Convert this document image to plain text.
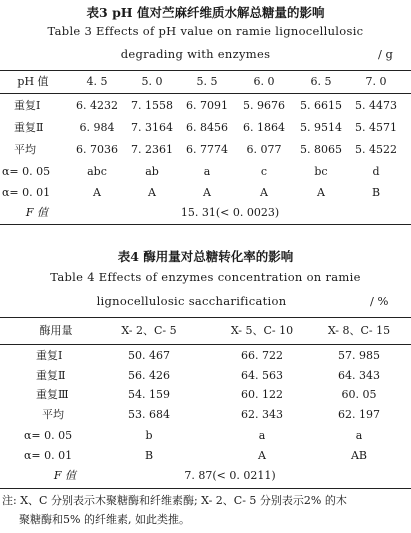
表3 pH 值对苎麻纤维质水解总糖量的影响
Table 3 Effects of pH value on ramie lignocellulosic
degrading with enzymes	/ g
pH 值	4. 5	5. 0	5. 5	6. 0	6. 5	7. 0
重复Ⅰ	6. 4232	7. 1558	6. 7091	5. 9676	5. 6615	5. 4473
重复Ⅱ	6. 984	7. 3164	6. 8456	6. 1864	5. 9514	5. 4571
平均	6. 7036	7. 2361	6. 7774	6. 077	5. 8065	5. 4522
α= 0. 05	abc	ab	a	c	bc	d
α= 0. 01	A	A	A	A	A	B
F 值	15. 31(< 0. 0023)
表4 酶用量对总糖转化率的影响
Table 4 Effects of enzymes concentration on ramie
lignocellulosic saccharification	/ %
酶用量	X- 2、C- 5	X- 5、C- 10	X- 8、C- 15
重复Ⅰ	50. 467	66. 722	57. 985
重复Ⅱ	56. 426	64. 563	64. 343
重复Ⅲ	54. 159	60. 122	60. 05
平均	53. 684	62. 343	62. 197
α= 0. 05	b	a	a
α= 0. 01	B	A	AB
F 值	7. 87(< 0. 0211)
注: X、C 分别表示木聚糖酶和纤维素酶; X- 2、C- 5 分别表示2% 的木
聚糖酶和5% 的纤维素, 如此类推。
